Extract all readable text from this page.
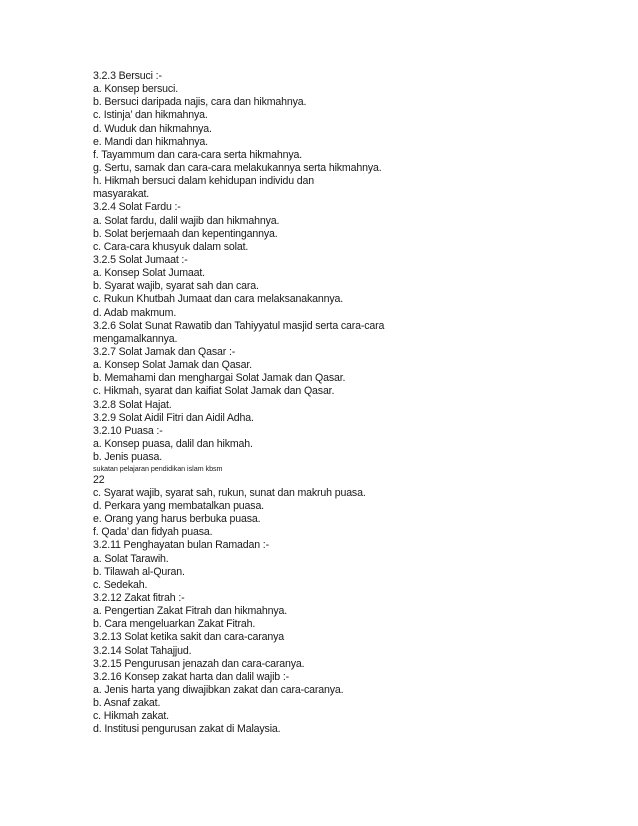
3.2.3 Bersuci :-
a. Konsep bersuci.
b. Bersuci daripada najis, cara dan hikmahnya.
c. Istinja’ dan hikmahnya.
d. Wuduk dan hikmahnya.
e. Mandi dan hikmahnya.
f. Tayammum dan cara-cara serta hikmahnya.
g. Sertu, samak dan cara-cara melakukannya serta hikmahnya.
h. Hikmah bersuci dalam kehidupan individu dan
masyarakat.
3.2.4 Solat Fardu :-
a. Solat fardu, dalil wajib dan hikmahnya.
b. Solat berjemaah dan kepentingannya.
c. Cara-cara khusyuk dalam solat.
3.2.5 Solat Jumaat :-
a. Konsep Solat Jumaat.
b. Syarat wajib, syarat sah dan cara.
c. Rukun Khutbah Jumaat dan cara melaksanakannya.
d. Adab makmum.
3.2.6 Solat Sunat Rawatib dan Tahiyyatul masjid serta cara-cara
mengamalkannya.
3.2.7 Solat Jamak dan Qasar :-
a. Konsep Solat Jamak dan Qasar.
b. Memahami dan menghargai Solat Jamak dan Qasar.
c. Hikmah, syarat dan kaifiat Solat Jamak dan Qasar.
3.2.8 Solat Hajat.
3.2.9 Solat Aidil Fitri dan Aidil Adha.
3.2.10 Puasa :-
a. Konsep puasa, dalil dan hikmah.
b. Jenis puasa.
sukatan pelajaran pendidikan islam kbsm
22
c. Syarat wajib, syarat sah, rukun, sunat dan makruh puasa.
d. Perkara yang membatalkan puasa.
e. Orang yang harus berbuka puasa.
f. Qada’ dan fidyah puasa.
3.2.11 Penghayatan bulan Ramadan :-
a. Solat Tarawih.
b. Tilawah al-Quran.
c. Sedekah.
3.2.12 Zakat fitrah :-
a. Pengertian Zakat Fitrah dan hikmahnya.
b. Cara mengeluarkan Zakat Fitrah.
3.2.13 Solat ketika sakit dan cara-caranya
3.2.14 Solat Tahajjud.
3.2.15 Pengurusan jenazah dan cara-caranya.
3.2.16 Konsep zakat harta dan dalil wajib :-
a. Jenis harta yang diwajibkan zakat dan cara-caranya.
b. Asnaf zakat.
c. Hikmah zakat.
d. Institusi pengurusan zakat di Malaysia.
